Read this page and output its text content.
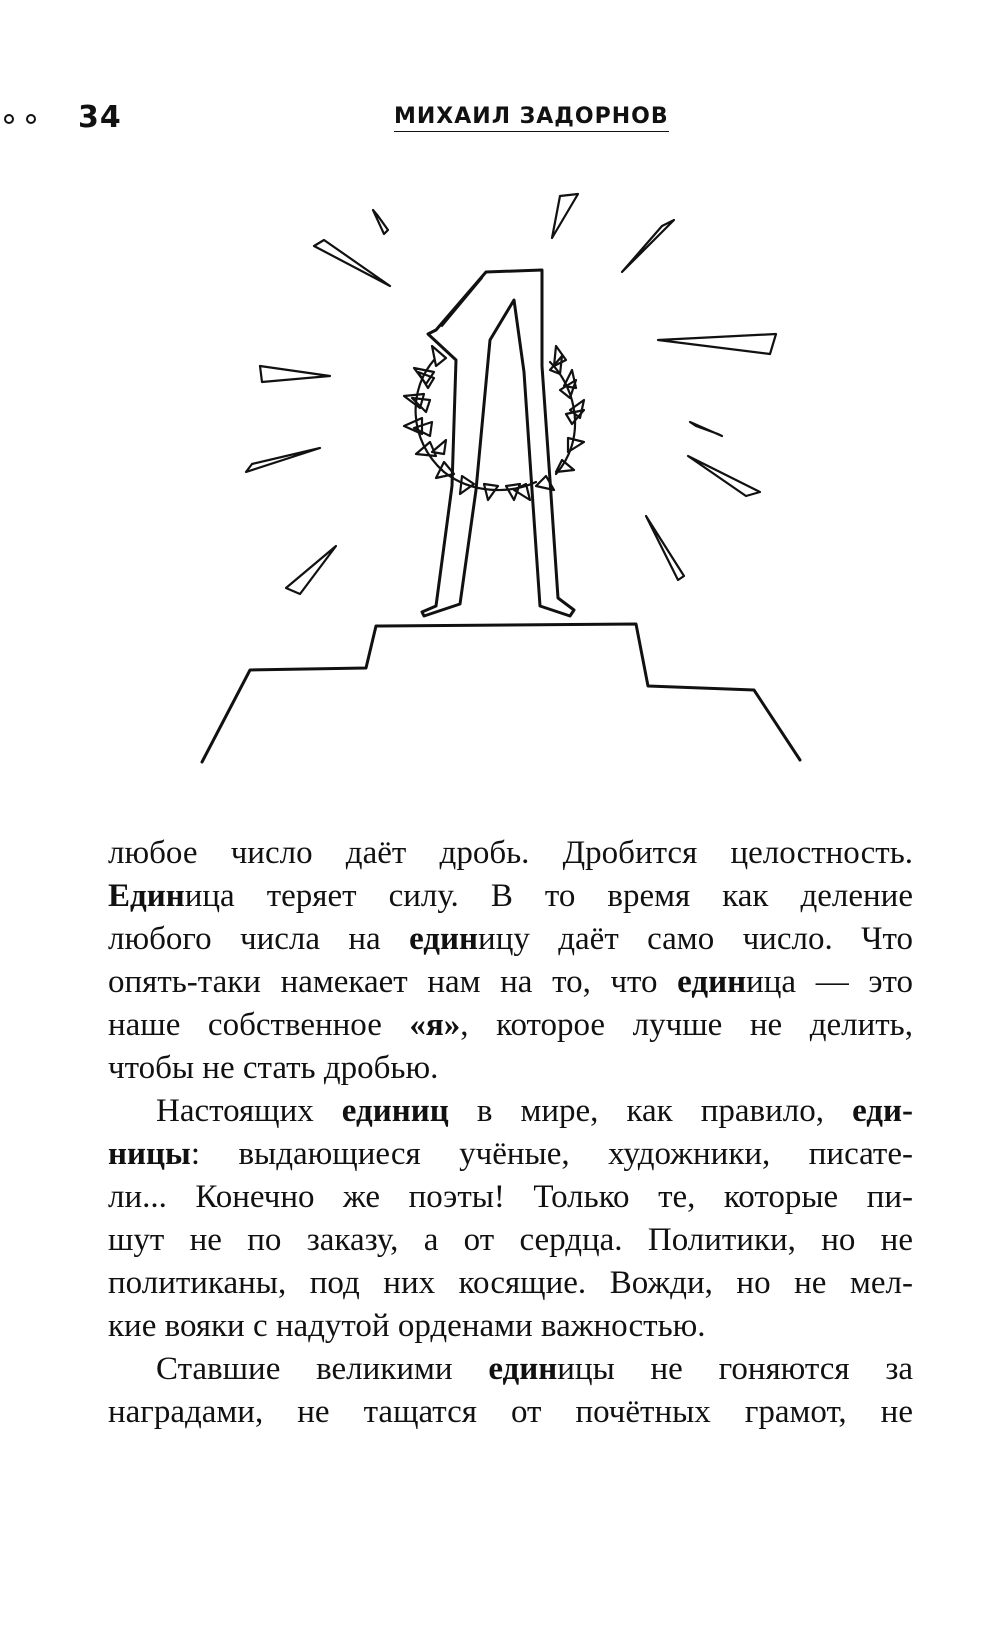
34	МИХАИЛ ЗАДОРНОВ
любое число даёт дробь. Дробится целостность.
Единица теряет силу. В то время как деление
любого числа на единицу даёт само число. Что
опять-таки намекает нам на то, что единица — это
наше собственное «я», которое лучше не делить,
чтобы не стать дробью.
Настоящих единиц в мире, как правило, еди-
ницы: выдающиеся учёные, художники, писате-
ли... Конечно же поэты! Только те, которые пи-
шут не по заказу, а от сердца. Политики, но не
политиканы, под них косящие. Вожди, но не мел-
кие вояки с надутой орденами важностью.
Ставшие великими единицы не гоняются за
наградами, не тащатся от почётных грамот, не
